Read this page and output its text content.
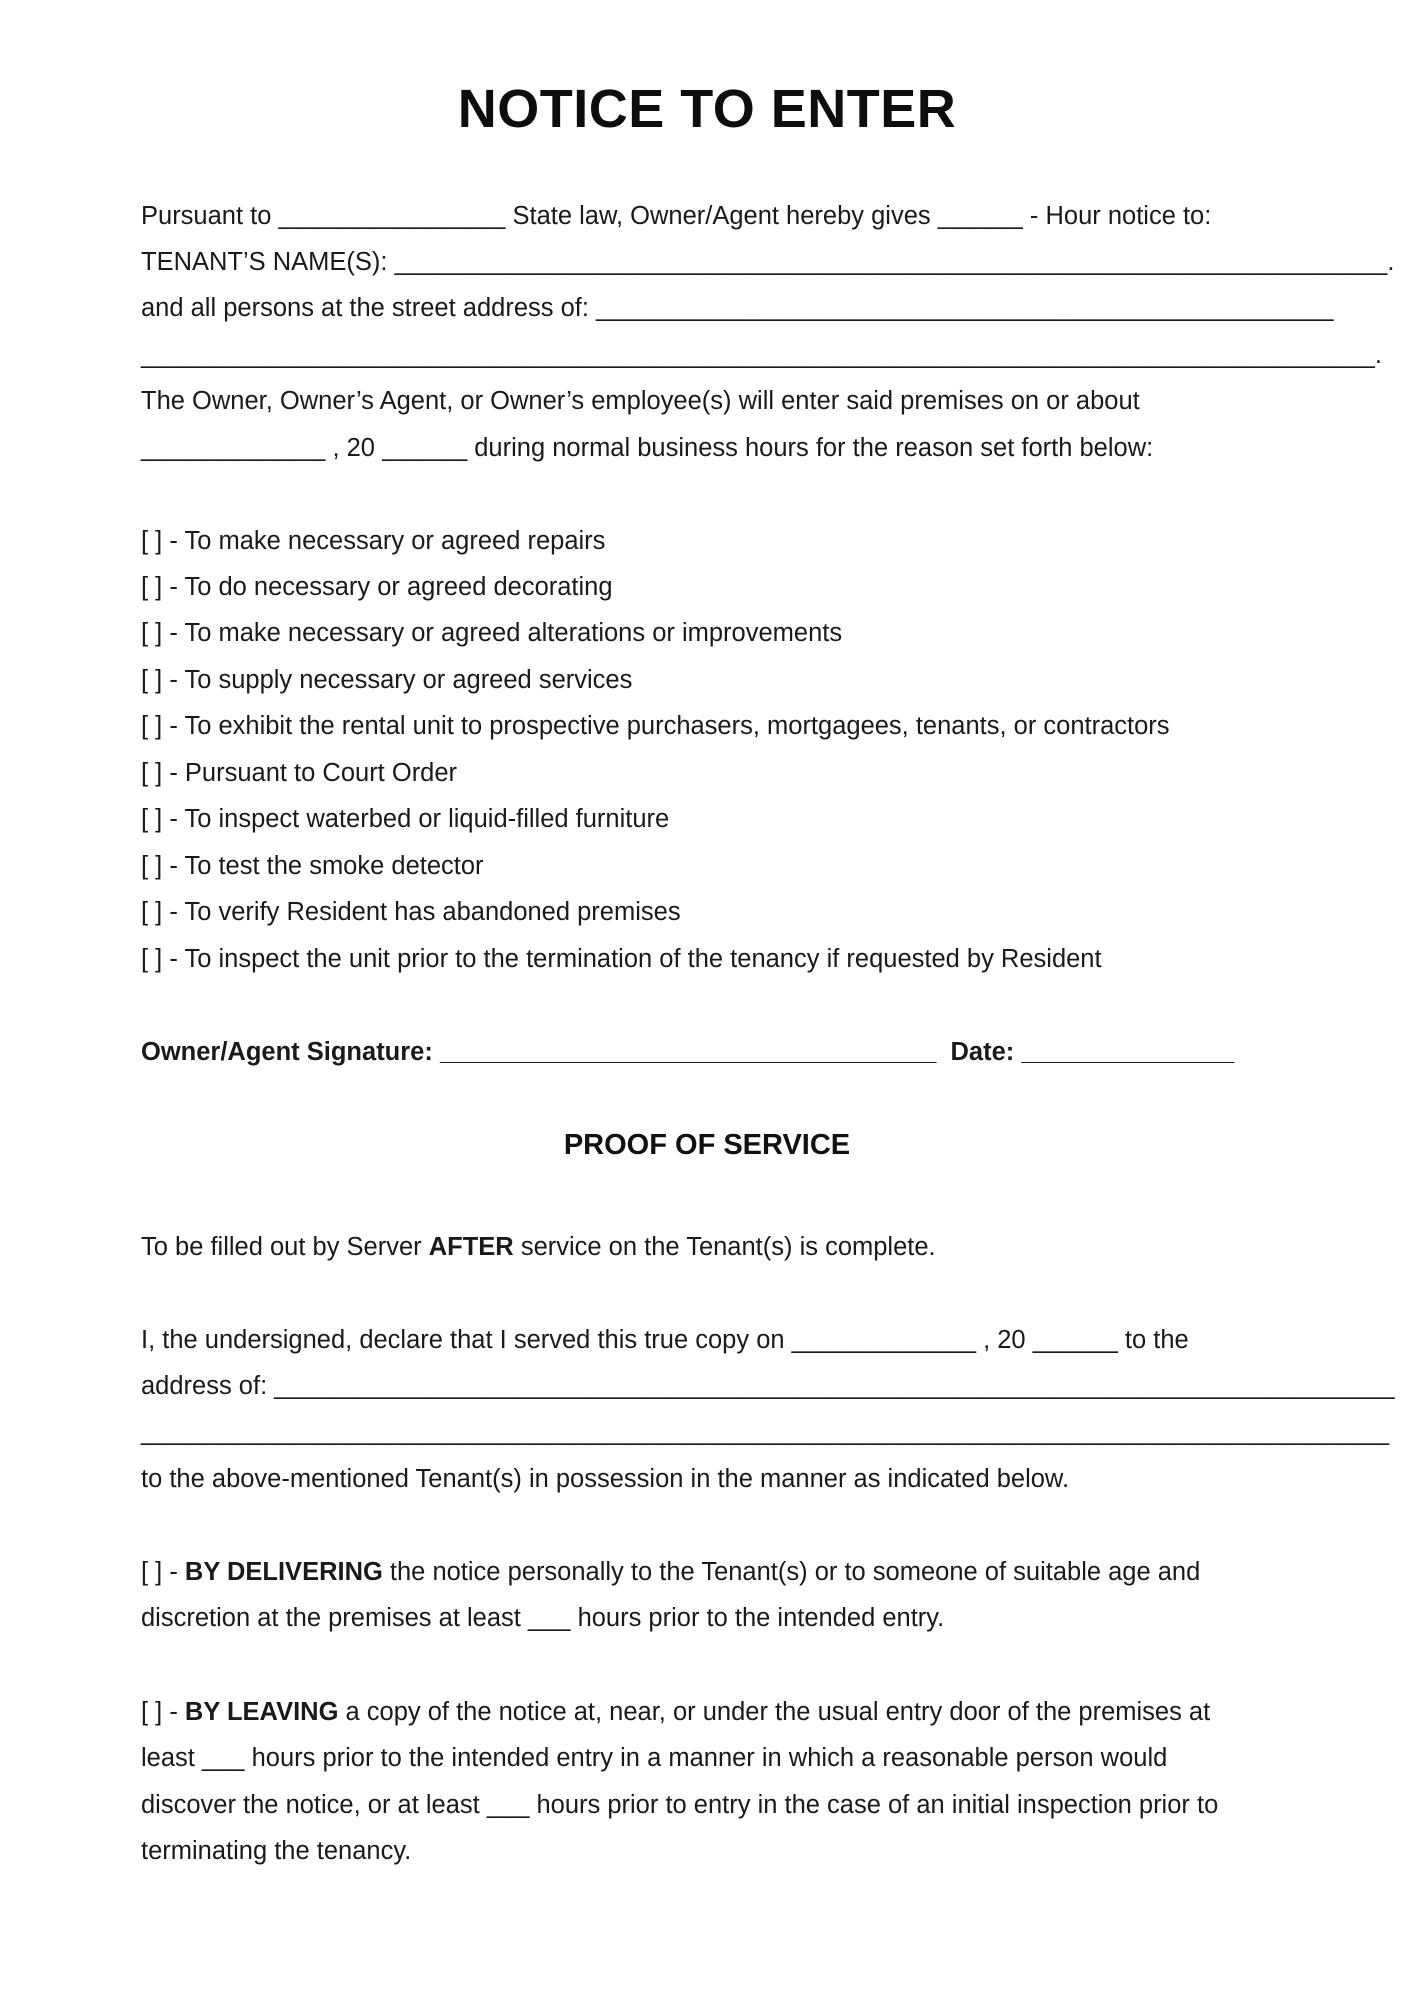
NOTICE TO ENTER

Pursuant to ________________ State law, Owner/Agent hereby gives ______ - Hour notice to:

TENANT’S NAME(S): ______________________________________________________________________.

and all persons at the street address of: ____________________________________________________

_______________________________________________________________________________________.

The Owner, Owner’s Agent, or Owner’s employee(s) will enter said premises on or about

_____________ , 20 ______ during normal business hours for the reason set forth below:

[ ] - To make necessary or agreed repairs

[ ] - To do necessary or agreed decorating

[ ] - To make necessary or agreed alterations or improvements

[ ] - To supply necessary or agreed services

[ ] - To exhibit the rental unit to prospective purchasers, mortgagees, tenants, or contractors

[ ] - Pursuant to Court Order

[ ] - To inspect waterbed or liquid-filled furniture

[ ] - To test the smoke detector

[ ] - To verify Resident has abandoned premises

[ ] - To inspect the unit prior to the termination of the tenancy if requested by Resident

Owner/Agent Signature: ___________________________________ Date: _______________

PROOF OF SERVICE

To be filled out by Server AFTER service on the Tenant(s) is complete.

I, the undersigned, declare that I served this true copy on _____________ , 20 ______ to the

address of: _______________________________________________________________________________

________________________________________________________________________________________

to the above-mentioned Tenant(s) in possession in the manner as indicated below.

[ ] - BY DELIVERING the notice personally to the Tenant(s) or to someone of suitable age and

discretion at the premises at least ___ hours prior to the intended entry.

[ ] - BY LEAVING a copy of the notice at, near, or under the usual entry door of the premises at

least ___ hours prior to the intended entry in a manner in which a reasonable person would

discover the notice, or at least ___ hours prior to entry in the case of an initial inspection prior to

terminating the tenancy.
